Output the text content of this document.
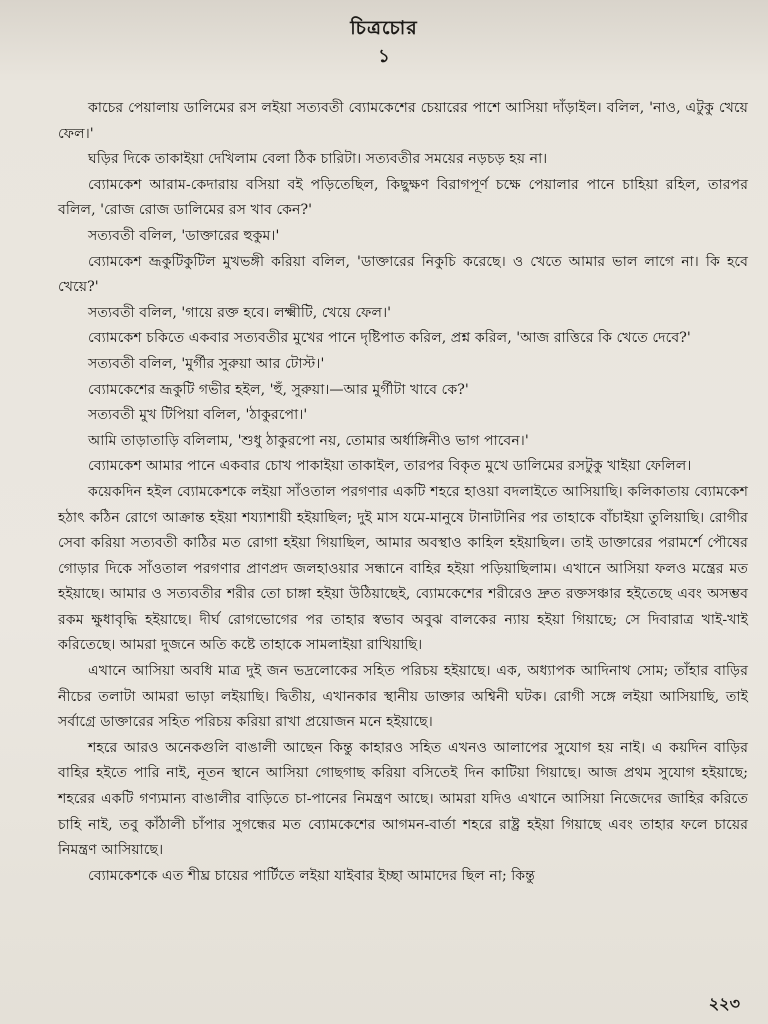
চিত্রচোর
১

কাচের পেয়ালায় ডালিমের রস লইয়া সত্যবতী ব্যোমকেশের চেয়ারের পাশে আসিয়া দাঁড়াইল। বলিল, 'নাও, এটুকু খেয়ে ফেল।'

ঘড়ির দিকে তাকাইয়া দেখিলাম বেলা ঠিক চারিটা। সত্যবতীর সময়ের নড়চড় হয় না।

ব্যোমকেশ আরাম-কেদারায় বসিয়া বই পড়িতেছিল, কিছুক্ষণ বিরাগপূর্ণ চক্ষে পেয়ালার পানে চাহিয়া রহিল, তারপর বলিল, 'রোজ রোজ ডালিমের রস খাব কেন?'

সত্যবতী বলিল, 'ডাক্তারের হুকুম।'

ব্যোমকেশ ভ্রূকুটিকুটিল মুখভঙ্গী করিয়া বলিল, 'ডাক্তারের নিকুচি করেছে। ও খেতে আমার ভাল লাগে না। কি হবে খেয়ে?'

সত্যবতী বলিল, 'গায়ে রক্ত হবে। লক্ষ্মীটি, খেয়ে ফেল।'

ব্যোমকেশ চকিতে একবার সত্যবতীর মুখের পানে দৃষ্টিপাত করিল, প্রশ্ন করিল, 'আজ রাত্তিরে কি খেতে দেবে?'

সত্যবতী বলিল, 'মুর্গীর সুরুয়া আর টোস্ট।'

ব্যোমকেশের ভ্রূকুটি গভীর হইল, 'হুঁ, সুরুয়া।—আর মুর্গীটা খাবে কে?'

সত্যবতী মুখ টিপিয়া বলিল, 'ঠাকুরপো।'

আমি তাড়াতাড়ি বলিলাম, 'শুধু ঠাকুরপো নয়, তোমার অর্ধাঙ্গিনীও ভাগ পাবেন।'

ব্যোমকেশ আমার পানে একবার চোখ পাকাইয়া তাকাইল, তারপর বিকৃত মুখে ডালিমের রসটুকু খাইয়া ফেলিল।

কয়েকদিন হইল ব্যোমকেশকে লইয়া সাঁওতাল পরগণার একটি শহরে হাওয়া বদলাইতে আসিয়াছি। কলিকাতায় ব্যোমকেশ হঠাৎ কঠিন রোগে আক্রান্ত হইয়া শয্যাশায়ী হইয়াছিল; দুই মাস যমে-মানুষে টানাটানির পর তাহাকে বাঁচাইয়া তুলিয়াছি। রোগীর সেবা করিয়া সত্যবতী কাঠির মত রোগা হইয়া গিয়াছিল, আমার অবস্থাও কাহিল হইয়াছিল। তাই ডাক্তারের পরামর্শে পৌষের গোড়ার দিকে সাঁওতাল পরগণার প্রাণপ্রদ জলহাওয়ার সন্ধানে বাহির হইয়া পড়িয়াছিলাম। এখানে আসিয়া ফলও মন্ত্রের মত হইয়াছে। আমার ও সত্যবতীর শরীর তো চাঙ্গা হইয়া উঠিয়াছেই, ব্যোমকেশের শরীরেও দ্রুত রক্তসঞ্চার হইতেছে এবং অসম্ভব রকম ক্ষুধাবৃদ্ধি হইয়াছে। দীর্ঘ রোগভোগের পর তাহার স্বভাব অবুঝ বালকের ন্যায় হইয়া গিয়াছে; সে দিবারাত্র খাই-খাই করিতেছে। আমরা দুজনে অতি কষ্টে তাহাকে সামলাইয়া রাখিয়াছি।

এখানে আসিয়া অবধি মাত্র দুই জন ভদ্রলোকের সহিত পরিচয় হইয়াছে। এক, অধ্যাপক আদিনাথ সোম; তাঁহার বাড়ির নীচের তলাটা আমরা ভাড়া লইয়াছি। দ্বিতীয়, এখানকার স্থানীয় ডাক্তার অশ্বিনী ঘটক। রোগী সঙ্গে লইয়া আসিয়াছি, তাই সর্বাগ্রে ডাক্তারের সহিত পরিচয় করিয়া রাখা প্রয়োজন মনে হইয়াছে।

শহরে আরও অনেকগুলি বাঙালী আছেন কিন্তু কাহারও সহিত এখনও আলাপের সুযোগ হয় নাই। এ কয়দিন বাড়ির বাহির হইতে পারি নাই, নূতন স্থানে আসিয়া গোছগাছ করিয়া বসিতেই দিন কাটিয়া গিয়াছে। আজ প্রথম সুযোগ হইয়াছে; শহরের একটি গণ্যমান্য বাঙালীর বাড়িতে চা-পানের নিমন্ত্রণ আছে। আমরা যদিও এখানে আসিয়া নিজেদের জাহির করিতে চাহি নাই, তবু কাঁঠালী চাঁপার সুগন্ধের মত ব্যোমকেশের আগমন-বার্তা শহরে রাষ্ট্র হইয়া গিয়াছে এবং তাহার ফলে চায়ের নিমন্ত্রণ আসিয়াছে।

ব্যোমকেশকে এত শীঘ্র চায়ের পার্টিতে লইয়া যাইবার ইচ্ছা আমাদের ছিল না; কিন্তু

২২৩
